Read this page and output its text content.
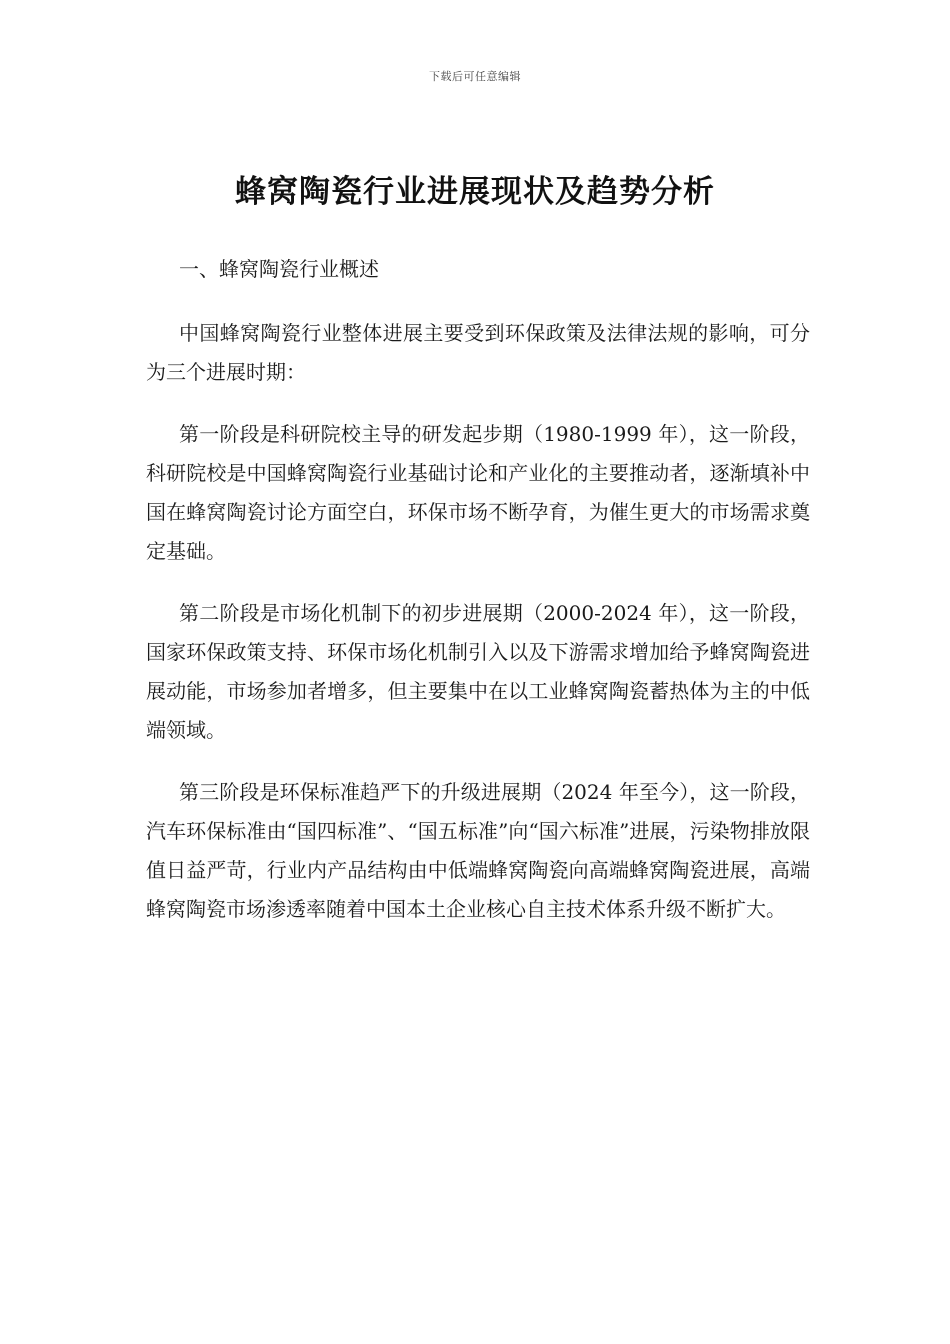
下载后可任意编辑
蜂窝陶瓷行业进展现状及趋势分析

一、蜂窝陶瓷行业概述

中国蜂窝陶瓷行业整体进展主要受到环保政策及法律法规的影响，可分为三个进展时期：

第一阶段是科研院校主导的研发起步期（1980-1999 年），这一阶段，科研院校是中国蜂窝陶瓷行业基础讨论和产业化的主要推动者，逐渐填补中国在蜂窝陶瓷讨论方面空白，环保市场不断孕育，为催生更大的市场需求奠定基础。

第二阶段是市场化机制下的初步进展期（2000-2024 年），这一阶段，国家环保政策支持、环保市场化机制引入以及下游需求增加给予蜂窝陶瓷进展动能，市场参加者增多，但主要集中在以工业蜂窝陶瓷蓄热体为主的中低端领域。

第三阶段是环保标准趋严下的升级进展期（2024 年至今），这一阶段，汽车环保标准由“国四标准”、“国五标准”向“国六标准”进展，污染物排放限值日益严苛，行业内产品结构由中低端蜂窝陶瓷向高端蜂窝陶瓷进展，高端蜂窝陶瓷市场渗透率随着中国本土企业核心自主技术体系升级不断扩大。
